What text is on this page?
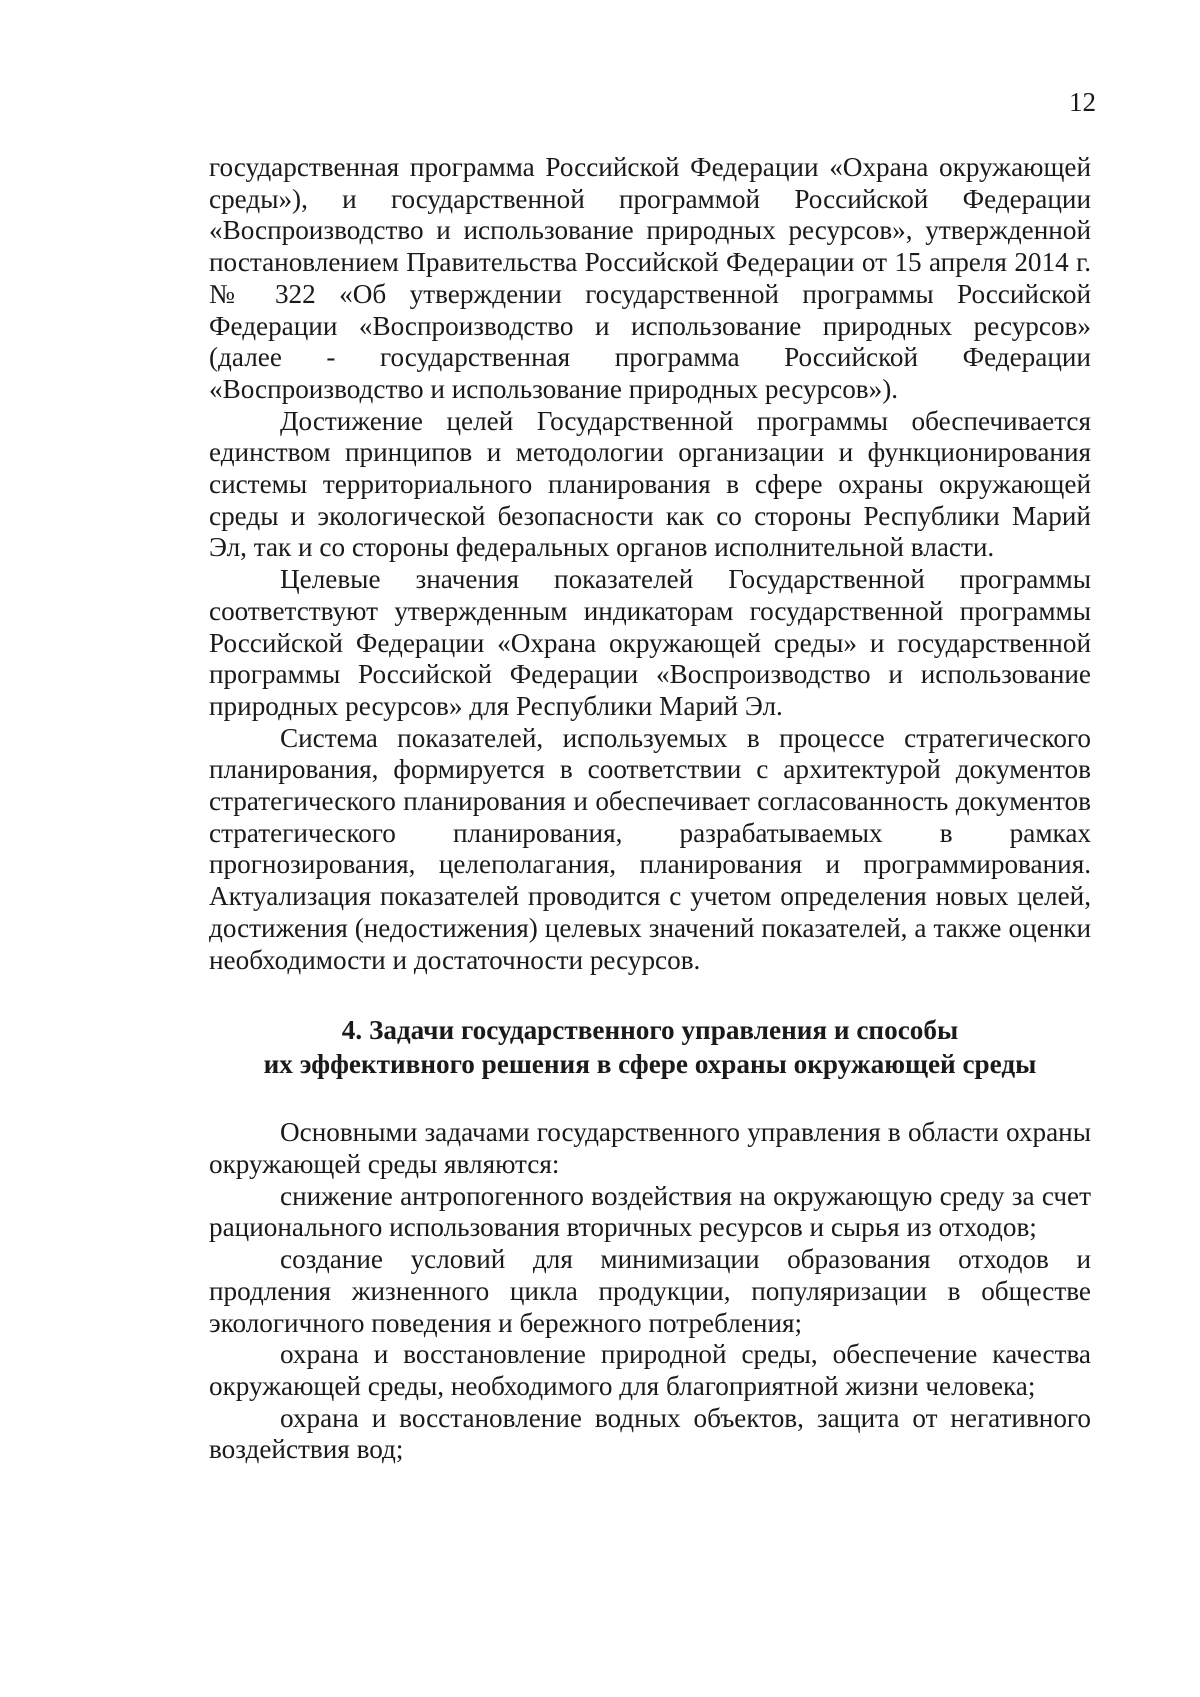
12

государственная программа Российской Федерации «Охрана окружающей среды»), и государственной программой Российской Федерации «Воспроизводство и использование природных ресурсов», утвержденной постановлением Правительства Российской Федерации от 15 апреля 2014 г. № 322 «Об утверждении государственной программы Российской Федерации «Воспроизводство и использование природных ресурсов» (далее - государственная программа Российской Федерации «Воспроизводство и использование природных ресурсов»).

Достижение целей Государственной программы обеспечивается единством принципов и методологии организации и функционирования системы территориального планирования в сфере охраны окружающей среды и экологической безопасности как со стороны Республики Марий Эл, так и со стороны федеральных органов исполнительной власти.

Целевые значения показателей Государственной программы соответствуют утвержденным индикаторам государственной программы Российской Федерации «Охрана окружающей среды» и государственной программы Российской Федерации «Воспроизводство и использование природных ресурсов» для Республики Марий Эл.

Система показателей, используемых в процессе стратегического планирования, формируется в соответствии с архитектурой документов стратегического планирования и обеспечивает согласованность документов стратегического планирования, разрабатываемых в рамках прогнозирования, целеполагания, планирования и программирования. Актуализация показателей проводится с учетом определения новых целей, достижения (недостижения) целевых значений показателей, а также оценки необходимости и достаточности ресурсов.

4. Задачи государственного управления и способы
их эффективного решения в сфере охраны окружающей среды

Основными задачами государственного управления в области охраны окружающей среды являются:

снижение антропогенного воздействия на окружающую среду за счет рационального использования вторичных ресурсов и сырья из отходов;

создание условий для минимизации образования отходов и продления жизненного цикла продукции, популяризации в обществе экологичного поведения и бережного потребления;

охрана и восстановление природной среды, обеспечение качества окружающей среды, необходимого для благоприятной жизни человека;

охрана и восстановление водных объектов, защита от негативного воздействия вод;
